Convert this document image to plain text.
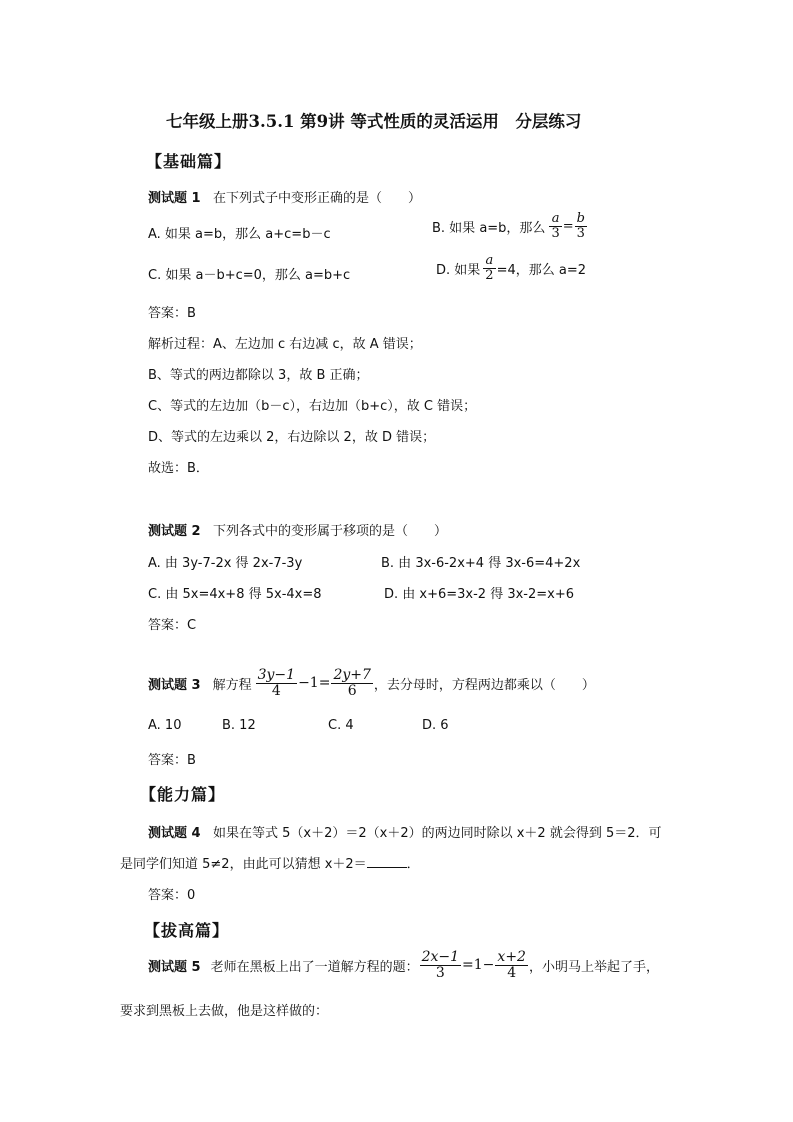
七年级上册3.5.1 第9讲 等式性质的灵活运用　分层练习
【基础篇】
测试题 1 在下列式子中变形正确的是（　　）
A. 如果 a=b，那么 a+c=b－c	B. 如果 a=b，那么 $\frac{a}{3} = \frac{b}{3}$
C. 如果 a－b+c=0，那么 a=b+c	D. 如果 $\frac{a}{2} =4$，那么 a=2
答案：B
解析过程：A、左边加 c 右边减 c，故 A 错误；
B、等式的两边都除以 3，故 B 正确；
C、等式的左边加（b－c），右边加（b+c），故 C 错误；
D、等式的左边乘以 2，右边除以 2，故 D 错误；
故选：B．
测试题 2 下列各式中的变形属于移项的是（　　）
A. 由 3y-7-2x 得 2x-7-3y	B. 由 3x-6-2x+4 得 3x-6=4+2x
C. 由 5x=4x+8 得 5x-4x=8	D. 由 x+6=3x-2 得 3x-2=x+6
答案：C
测试题 3 解方程 $\frac{3y-1}{4} -1= \frac{2y+7}{6}$ ，去分母时，方程两边都乘以（　　）
A. 10	B. 12	C. 4	D. 6
答案：B
【能力篇】
测试题 4 如果在等式 5（x＋2）＝2（x＋2）的两边同时除以 x＋2 就会得到 5＝2．可
是同学们知道 5≠2，由此可以猜想 x＋2＝	．
答案：0
【拔高篇】
测试题 5 老师在黑板上出了一道解方程的题： $\frac{2x-1}{3} =1- \frac{x+2}{4}$ ，小明马上举起了手，
要求到黑板上去做，他是这样做的：
